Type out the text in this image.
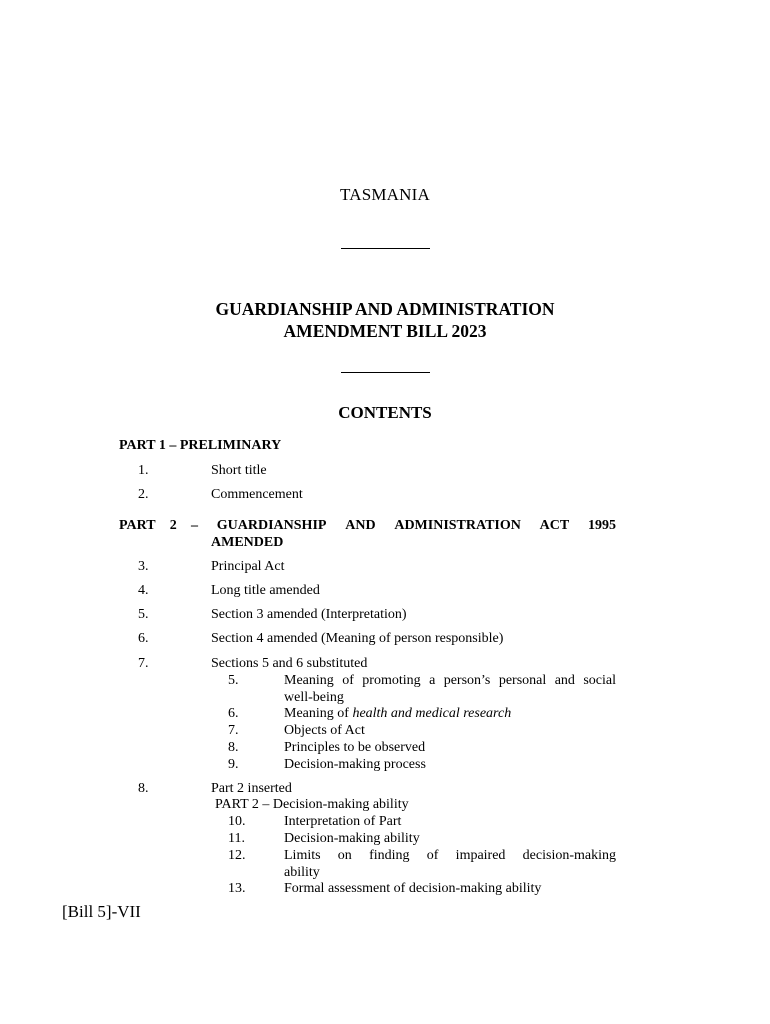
TASMANIA
GUARDIANSHIP AND ADMINISTRATION
AMENDMENT BILL 2023
CONTENTS
PART 1 – PRELIMINARY
1.	Short title
2.	Commencement
PART 2 – GUARDIANSHIP AND ADMINISTRATION ACT 1995
AMENDED
3.	Principal Act
4.	Long title amended
5.	Section 3 amended (Interpretation)
6.	Section 4 amended (Meaning of person responsible)
7.	Sections 5 and 6 substituted
5.	Meaning of promoting a person’s personal and social
well-being
6.	Meaning of health and medical research
7.	Objects of Act
8.	Principles to be observed
9.	Decision-making process
8.	Part 2 inserted
PART 2 – Decision-making ability
10.	Interpretation of Part
11.	Decision-making ability
12.	Limits on finding of impaired decision-making
ability
13.	Formal assessment of decision-making ability
[Bill 5]-VII
